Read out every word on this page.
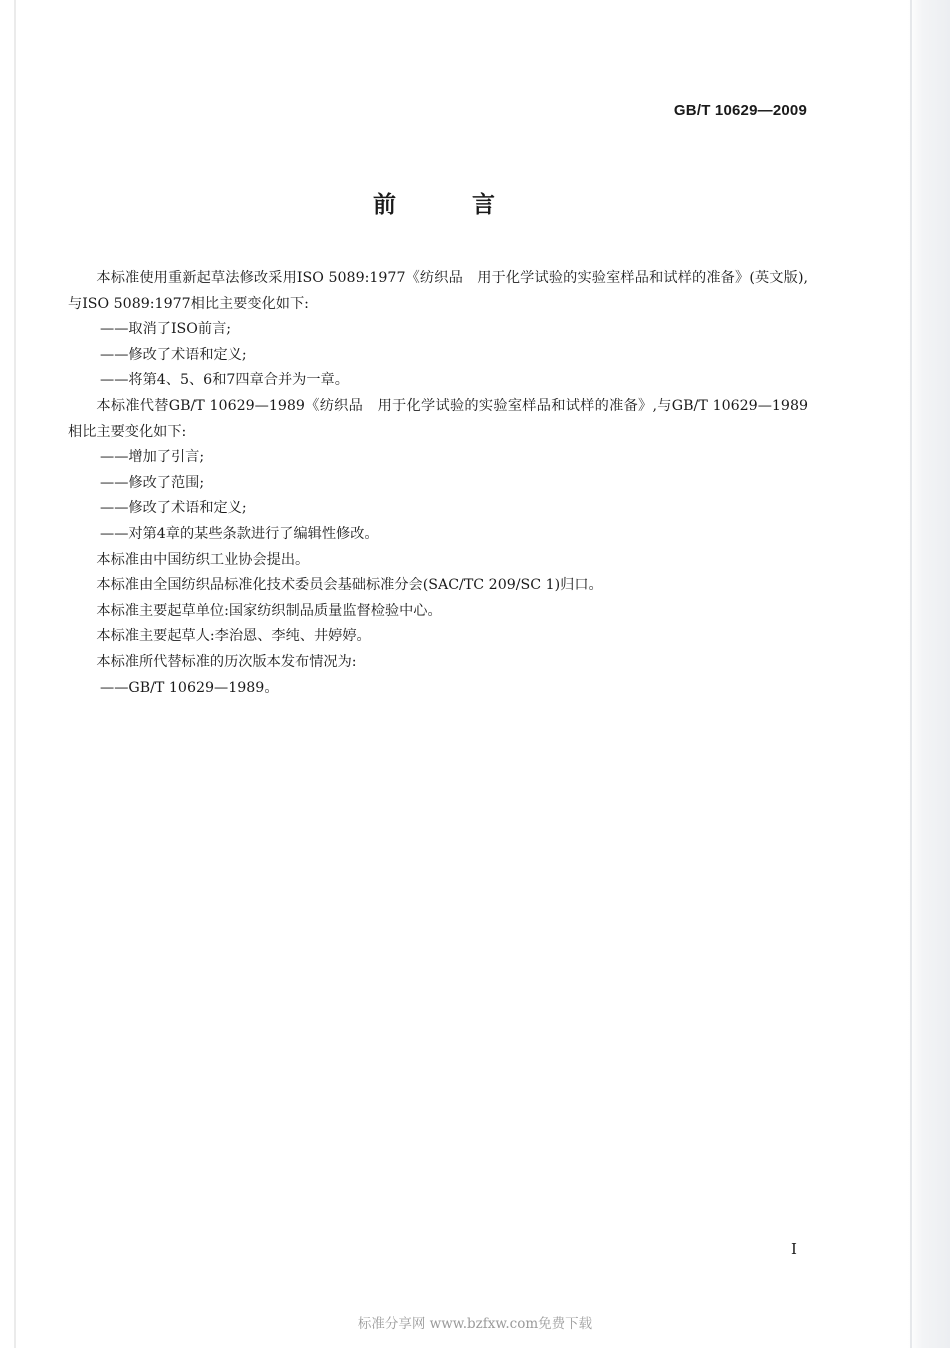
GB/T 10629—2009
前 言

本标准使用重新起草法修改采用ISO 5089:1977《纺织品　用于化学试验的实验室样品和试样的准备》(英文版),与ISO 5089:1977相比主要变化如下:

——取消了ISO前言;

——修改了术语和定义;

——将第4、5、6和7四章合并为一章。

本标准代替GB/T 10629—1989《纺织品　用于化学试验的实验室样品和试样的准备》,与GB/T 10629—1989相比主要变化如下:

——增加了引言;

——修改了范围;

——修改了术语和定义;

——对第4章的某些条款进行了编辑性修改。

本标准由中国纺织工业协会提出。

本标准由全国纺织品标准化技术委员会基础标准分会(SAC/TC 209/SC 1)归口。

本标准主要起草单位:国家纺织制品质量监督检验中心。

本标准主要起草人:李治恩、李纯、井婷婷。

本标准所代替标准的历次版本发布情况为:

——GB/T 10629—1989。

I
标准分享网 www.bzfxw.com免费下载
